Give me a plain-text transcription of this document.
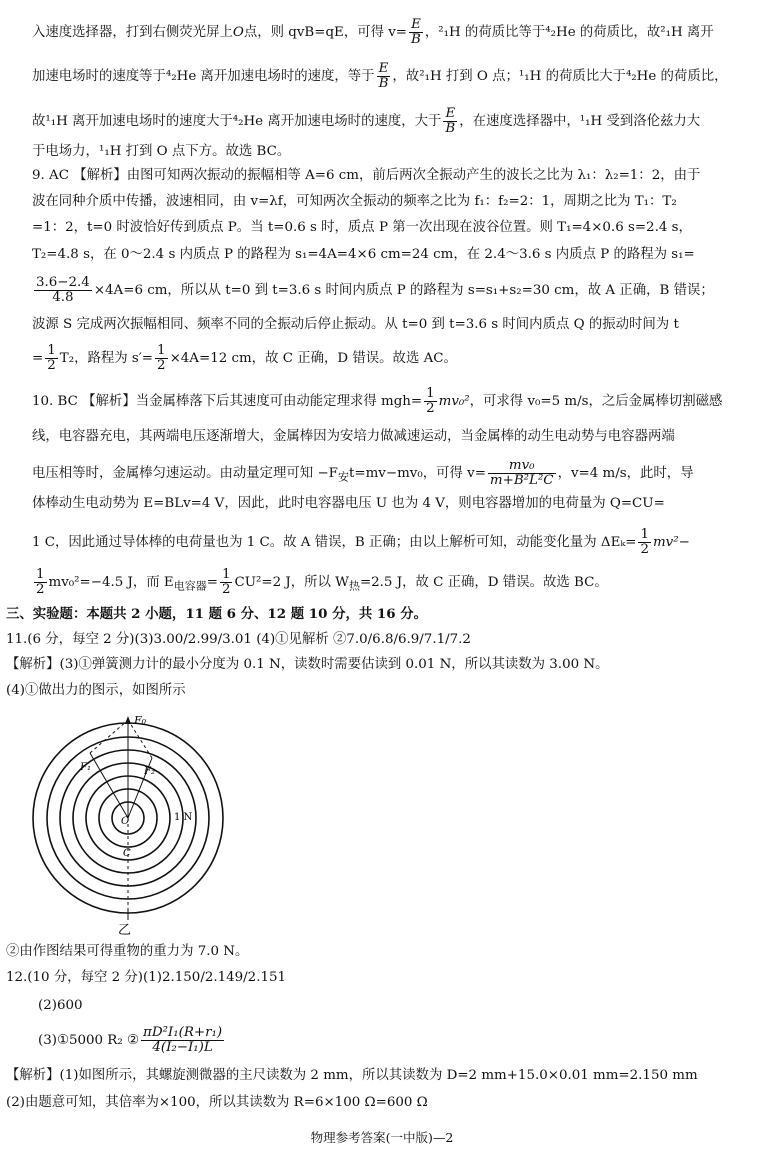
入速度选择器，打到右侧荧光屏上O点，则 qvB=qE，可得 $v= \frac{E}{B}$ ，²₁H 的荷质比等于⁴₂He 的荷质比，故²₁H 离开
加速电场时的速度等于⁴₂He 离开加速电场时的速度，等于 $\frac{E}{B}$ ，故²₁H 打到 O 点；¹₁H 的荷质比大于⁴₂He 的荷质比，
故¹₁H 离开加速电场时的速度大于⁴₂He 离开加速电场时的速度，大于 $\frac{E}{B}$ ，在速度选择器中，¹₁H 受到洛伦兹力大
于电场力，¹₁H 打到 O 点下方。故选 BC。
9. AC 【解析】由图可知两次振动的振幅相等 A=6 cm，前后两次全振动产生的波长之比为 λ₁：λ₂=1：2，由于
波在同种介质中传播，波速相同，由 v=λf，可知两次全振动的频率之比为 f₁：f₂=2：1，周期之比为 T₁：T₂
=1：2，t=0 时波恰好传到质点 P。当 t=0.6 s 时，质点 P 第一次出现在波谷位置。则 T₁=4×0.6 s=2.4 s，
T₂=4.8 s，在 0～2.4 s 内质点 P 的路程为 s₁=4A=4×6 cm=24 cm，在 2.4～3.6 s 内质点 P 的路程为 s₁=
$\frac{3.6-2.4}{4.8} \times 4A=6$ cm，所以从 t=0 到 t=3.6 s 时间内质点 P 的路程为 s=s₁+s₂=30 cm，故 A 正确，B 错误；
波源 S 完成两次振幅相同、频率不同的全振动后停止振动。从 t=0 到 t=3.6 s 时间内质点 Q 的振动时间为 t
= $\frac{1}{2} T_2$，路程为 $s'= \frac{1}{2} \times 4A=12$ cm，故 C 正确，D 错误。故选 AC。
10. BC 【解析】当金属棒落下后其速度可由动能定理求得 $mgh= \frac{1}{2} mv_0^2$，可求得 v₀=5 m/s，之后金属棒切割磁感
线，电容器充电，其两端电压逐渐增大，金属棒因为安培力做减速运动，当金属棒的动生电动势与电容器两端
电压相等时，金属棒匀速运动。由动量定理可知 $-F_安t=mv-mv_0$，可得 $v= \frac{\text{mv₀}}{\text{m+B²L²C}}$ ，v=4 m/s，此时，导
体棒动生电动势为 E=BLv=4 V，因此，此时电容器电压 U 也为 4 V，则电容器增加的电荷量为 Q=CU=
1 C，因此通过导体棒的电荷量也为 1 C。故 A 错误，B 正确；由以上解析可知，动能变化量为 $\Delta E_k= \frac{1}{2} mv^2-$
$\frac{1}{2} mv_0^2=-4.5$ J，而 $E_{电容器}= \frac{1}{2} CU^2=2$ J，所以 $W_热=2.5$ J，故 C 正确，D 错误。故选 BC。
三、实验题：本题共 2 小题，11 题 6 分、12 题 10 分，共 16 分。
11.(6 分，每空 2 分)(3)3.00/2.99/3.01 (4)①见解析 ②7.0/6.8/6.9/7.1/7.2
【解析】(3)①弹簧测力计的最小分度为 0.1 N，读数时需要估读到 0.01 N，所以其读数为 3.00 N。
(4)①做出力的图示，如图所示
F₀
F₁	F₂
O
C
1 N
乙
②由作图结果可得重物的重力为 7.0 N。
12.(10 分，每空 2 分)(1)2.150/2.149/2.151
(2)600
(3)①5000 R₂ ② $\frac{\text{πD²I₁(R+r₁)}}{\text{4(I₂−I₁)L}}$
【解析】(1)如图所示，其螺旋测微器的主尺读数为 2 mm，所以其读数为 D=2 mm+15.0×0.01 mm=2.150 mm
(2)由题意可知，其倍率为×100，所以其读数为 R=6×100 Ω=600 Ω
物理参考答案(一中版)—2
